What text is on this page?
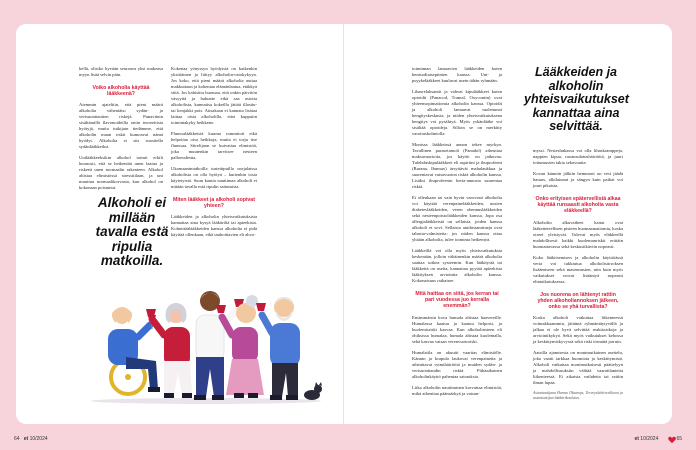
kellä, olisiko hyvään seuraava yksi makeasa myyn lisää selvin päin.

Voiko alkoholia käyttää lääkkeenä?

Aiemmin ajateltiin, että pieni määrä alkoholia vähentäisi sydän- ja verisuonitautien riskejä. Punaviinin sisältämillä flavonoideilla oniin teoreettisia hyötyjä, mutta tutkijain tiedämme, että alkoholin maan riskit kumoavat nämä hyödyt. Alkoholia ei siis suositella sydänlääkkeiksi.

Unilääkkeeksikin alkohol toimii erkilt huonosti, että se heikentää unen laatua ja riskeeä unen normaalin rakenteen. Alkohol altistaa elimistössä stressitilaan, ja uni muuttuu normaalikorvasta, kun alkohol on kokonaan poistunut.

Kokenaa yönyssyn hyödyistä on kaikenkin yksittäinen ja liittyy alkoholin-ostokykyyn. Jos koko, että pieni määrä alkoholia auttaa makkuttaun ja kohentaa elämänlaatua, etäkkyä siitä. Jos kahisitta huomaa, että onkin päivitön väsyyttä ja haluatte etkä saa asiotta alkoholista, kunnatisa kokeilla jättää illasttu- tai kenjakki pois. Aitsakaan ei kannata lisätaa laittaa oisia alkoholilla, ettei kuppuiin toimintakyky heikkene.

Flunssalääkkeistä kuuma rommitoti eikä helpottaa oisa heikkoja, mutta ei torju itse flunssaa. Siirelijaan se kuivattaa elimistöä, joka muutenkin tarvitsee nesteen palloeudestta.

Ukomaantmatkoilla turteittpuilla norjalaissa alkoholista on olla hyötyä – kuitenkin tosia käytetyistä. Suun kautta nauttimaa alkoholi ei mitään tavalla estä ripulin saitumista.

Miten lääkkeet ja alkoholi sopivat yhteen?

Lääkkeiden ja alkoholin yhteisvaikutuksista kannattaa aina kysyä lääkäriltä tai apteekista. Kohnittäälääkkeiden kanssa alkoholia ei pidä käyttää ollenkaan, eikä tauhoittavien eli ahvo-

Alkoholi ei millään tavalla estä ripulia matkoilla.

toiminnan lamaavien lääkkeiden kuten bentsodiatsepiinien kanssa. Uni- ja psyykelääkkeet kuuluvat usein tähän ryhmään.

Lihasrelaksantit ja vahvat kipulääkkeet kuten opioidit (Panacod, Tramal, Oxycontin) ovat yhteensopimattomia alkoholin kanssa. Opioidit ja alkoholi lamaavat molemmat hengityskeskusta, ja niiden yhteisvaikutuksena hengitys voi pysähtyä. Myös yskänlääke voi sisältää opioideja. Silloin se on merkitty varoituskolmiolla.

Monissa lääkkeissä annon tekee myrkyn. Tavallinen parasetamoli (Panadol) aiheuttaa maksavaurioita, jos käyttö on jatkuvaa. Tulehduskipulääkkeet eli aspiriini ja ibuprofeeni (Burana, Ibumax) ärsyttävät mahalaukkua ja suurentavat vatsavuoton riskiä alkoholin kanssa. Lisäksi ibuprofeenin kerta-annosta suurentaa riskiä.

Ei ollenkaan tai vain hyvin varovasti alkoholia voi käyttää verenpainelääkkeiden, uusien diabeteslääkkeiden, veren ohennuslääkkeiden sekä nesteenpoistolääkkeiden kanssa. Jopa osa allergialääkkeistä on sellaisia, joiden kanssa alkoholi ei sovi. Sellaisia antihistamiineja ovat tabasia-valmisteita: jos niiden kanssa ottaa yhtään alkoholia, tulee toiminta heikentyä.

Lääkkeillä voi olla myös yhteisvaikutuksia keskenään, jolloin vähäinenkin määrä alkoholia saattaa sotkea systeemin. Kun lääkitystä tai lääkkeitä on useita, kannattaa pyytää apteekista lääkityksen arviointia alkoholin kanssa. Kokonaisuus ratkaisee.

Mitä haittaa on siitä, jos kerran tai pari vuodessa juo kerralla enemmän?

Ensimmäisin kova humala altistaa haavereille. Humalassa kaatuu ja kaatuu helposti, ja kuolemisriski kasvaa. Kun alkoholinsteen eli ohiksissa humalaa, humala altistaa kuolemalla, sekä kasvaa vatsan verenvuotoriski.

Humalatila on akuutti vaaritas elimistölle. Kännin ja krapula laukovat verenpainetta ja aiheuttavat rytmihäiriöitä ja muiden sydän- ja verisuonitaudin riskiä. Pitkäaikainen alkoholinkäyttö pahentaa sairauksia.

Liika alkoholin nauttiminen korvattaa elimistöä, mikä aiheuttaa päänsärkyä ja vatsan-

Lääkkeiden ja alkoholin yhteisvaikutukset kannattaa aina selvittää.

myssi. Nesteshukassa voi olla lihaskramppeja, nappien kipua, ruoansulatushäiriöitä, ja juuri tottumusten takia sekavuutta.

Kovan känniin jälkiin hemmoni on vesi jäädä hauras, alkilaiunat ja sängyn kuin paikat voi juuri pikaista.

Onko erityisen epätervellistä alkaa käyttää runsaasti alkoholia vasta eläkkeellä?

Alkoholin alkuvaiheet haitat ovat lääketieteellisen pisteen huomaamattomia, koska oireet yleistyvät. Tulevat myös eläkkeellä mahdollisesti kaikki kuolemanriskit erittäin huomattavassa sekä keskusiikäviin nopeasti.

Koko lääkitsemisen ja alkoholin käyttöiässä verta voi tukkiutua alkoholisiirroksen lisäämiseen sekä masennusten, niin kuin myös vaikutukset voivat lisääntyä nopeasti elintaikutuksessa.

Jos nuorena on lähtenyt rattiin yhden alkoholiannoksen jälkeen, onko se yhä turvallista?

Koska alkoholi vaikuttaa liikenteessä voimakkaammin, jättämä ryhmäntäytyvällä ja jalkaa ei ole hyvä selvittää reaktioaikoja ja arviointikykyä. Sekä myös vaikutukset kehossa ja keskittymiskyvyssä sekä riski törmätä jarruin.

Aatsilla ajamisesta on monimutkainen asettelu, joka vaatii tarkkaa huomiota ja keskittymistä. Alkoholi vaikuttaa monimutkaisesti päättelyyn ja mahdollisuuksiin välttää vaaratilanteita liikenteessä. Ei aikaista vaihdetta tai rattiin ilman lupaa.

Asiantuntijana Hanna Oksaroja, Terveyslahtiverkkoon ja asiantuntijan lääkärikoulutus.

64 et 10/2024	et 10/2024	65
